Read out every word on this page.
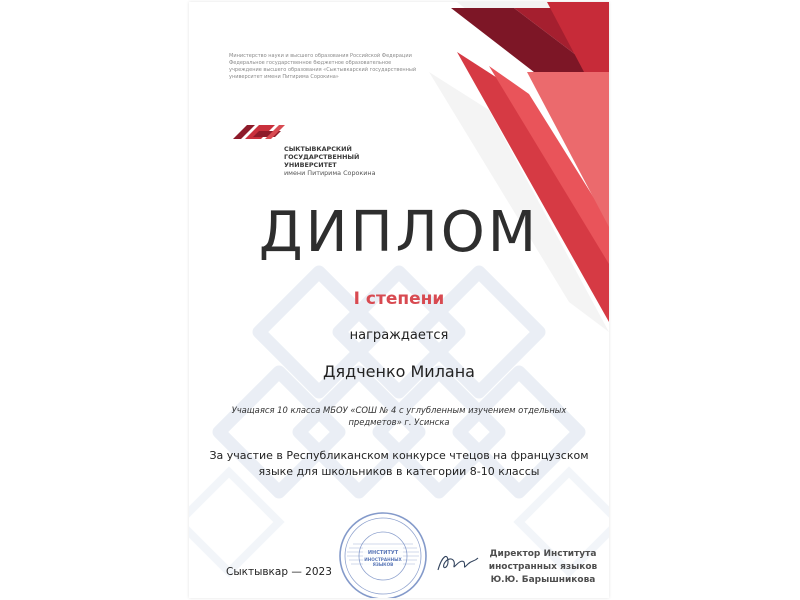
Министерство науки и высшего образования Российской Федерации
Федеральное государственное бюджетное образовательное
учреждение высшего образования «Сыктывкарский государственный
университет имени Питирима Сорокина»
СЫКТЫВКАРСКИЙ
ГОСУДАРСТВЕННЫЙ
УНИВЕРСИТЕТ
имени Питирима Сорокина
ДИПЛОМ
I степени
награждается
Дядченко Милана
Учащаяся 10 класса МБОУ «СОШ № 4 с углубленным изучением отдельных
предметов» г. Усинска
За участие в Республиканском конкурсе чтецов на французском
языке для школьников в категории 8-10 классы
ИНСТИТУТ
ИНОСТРАННЫХ
ЯЗЫКОВ
Директор Института
иностранных языков
Ю.Ю. Барышникова
Сыктывкар — 2023
